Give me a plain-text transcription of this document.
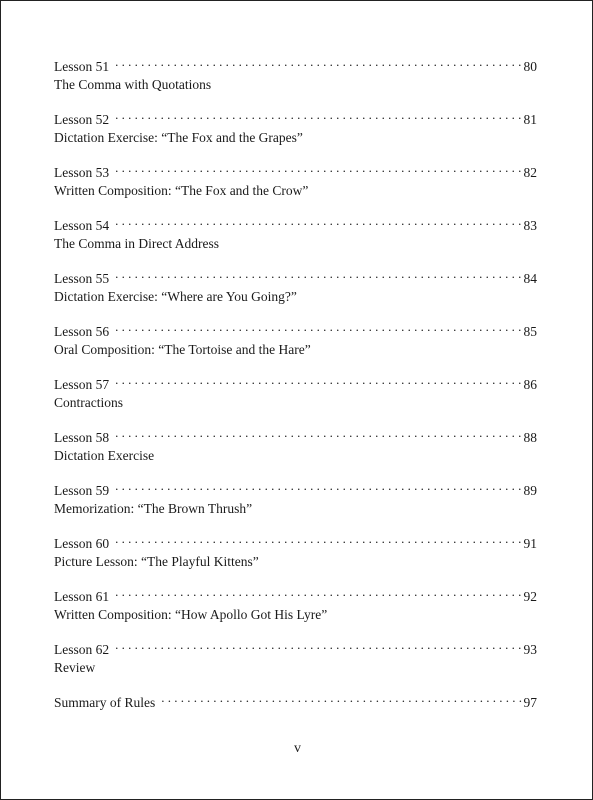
Lesson 51 . . .	80
The Comma with Quotations
Lesson 52 . . .	81
Dictation Exercise: “The Fox and the Grapes”
Lesson 53 . . .	82
Written Composition: “The Fox and the Crow”
Lesson 54 . . .	83
The Comma in Direct Address
Lesson 55 . . .	84
Dictation Exercise: “Where are You Going?”
Lesson 56 . . .	85
Oral Composition: “The Tortoise and the Hare”
Lesson 57 . . .	86
Contractions
Lesson 58 . . .	88
Dictation Exercise
Lesson 59 . . .	89
Memorization: “The Brown Thrush”
Lesson 60 . . .	91
Picture Lesson: “The Playful Kittens”
Lesson 61 . . .	92
Written Composition: “How Apollo Got His Lyre”
Lesson 62 . . .	93
Review
Summary of Rules . . .	97
v
